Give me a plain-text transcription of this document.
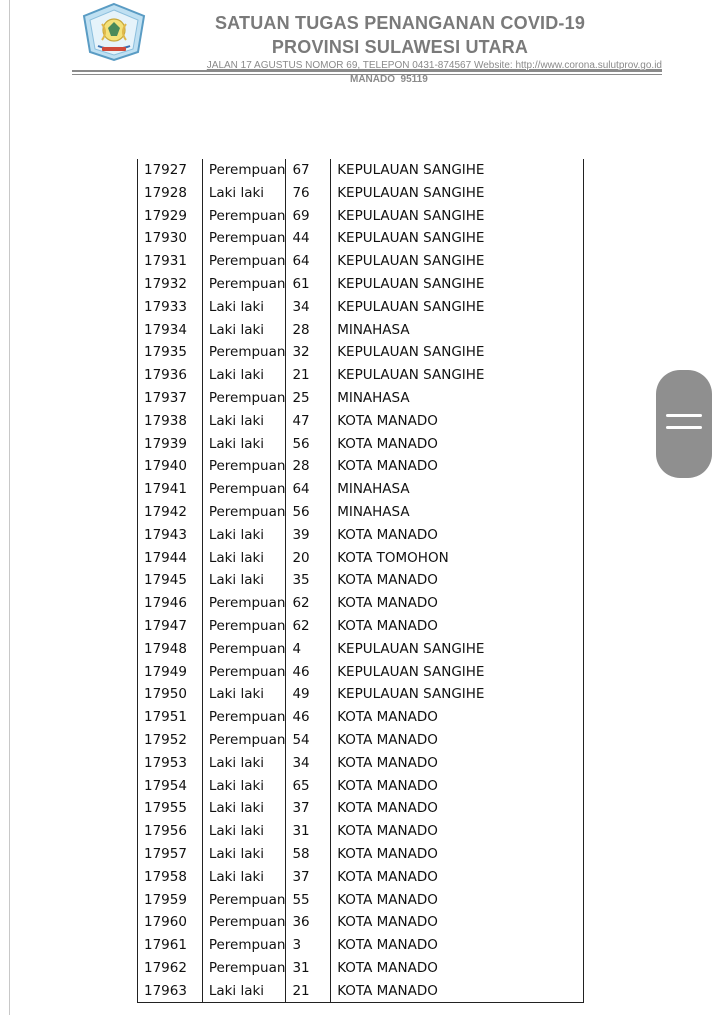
SATUAN TUGAS PENANGANAN COVID-19
PROVINSI SULAWESI UTARA
JALAN 17 AGUSTUS NOMOR 69, TELEPON 0431-874567 Website: http://www.corona.sulutprov.go.id
MANADO  95119
17927	Perempuan	67	KEPULAUAN SANGIHE
17928	Laki laki	76	KEPULAUAN SANGIHE
17929	Perempuan	69	KEPULAUAN SANGIHE
17930	Perempuan	44	KEPULAUAN SANGIHE
17931	Perempuan	64	KEPULAUAN SANGIHE
17932	Perempuan	61	KEPULAUAN SANGIHE
17933	Laki laki	34	KEPULAUAN SANGIHE
17934	Laki laki	28	MINAHASA
17935	Perempuan	32	KEPULAUAN SANGIHE
17936	Laki laki	21	KEPULAUAN SANGIHE
17937	Perempuan	25	MINAHASA
17938	Laki laki	47	KOTA MANADO
17939	Laki laki	56	KOTA MANADO
17940	Perempuan	28	KOTA MANADO
17941	Perempuan	64	MINAHASA
17942	Perempuan	56	MINAHASA
17943	Laki laki	39	KOTA MANADO
17944	Laki laki	20	KOTA TOMOHON
17945	Laki laki	35	KOTA MANADO
17946	Perempuan	62	KOTA MANADO
17947	Perempuan	62	KOTA MANADO
17948	Perempuan	4	KEPULAUAN SANGIHE
17949	Perempuan	46	KEPULAUAN SANGIHE
17950	Laki laki	49	KEPULAUAN SANGIHE
17951	Perempuan	46	KOTA MANADO
17952	Perempuan	54	KOTA MANADO
17953	Laki laki	34	KOTA MANADO
17954	Laki laki	65	KOTA MANADO
17955	Laki laki	37	KOTA MANADO
17956	Laki laki	31	KOTA MANADO
17957	Laki laki	58	KOTA MANADO
17958	Laki laki	37	KOTA MANADO
17959	Perempuan	55	KOTA MANADO
17960	Perempuan	36	KOTA MANADO
17961	Perempuan	3	KOTA MANADO
17962	Perempuan	31	KOTA MANADO
17963	Laki laki	21	KOTA MANADO
